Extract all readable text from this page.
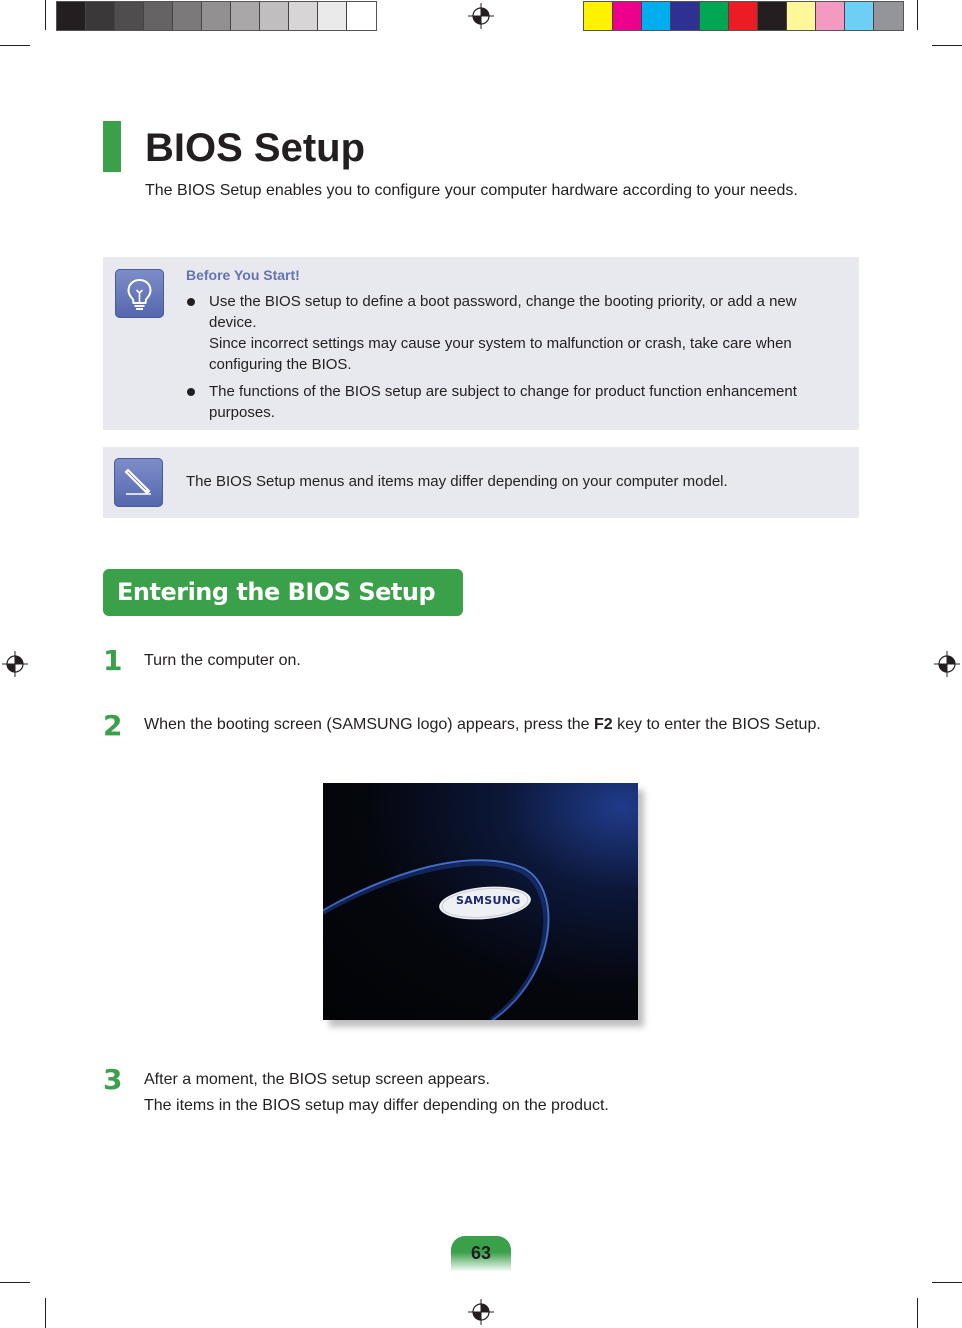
BIOS Setup

The BIOS Setup enables you to configure your computer hardware according to your needs.

Before You Start!

Use the BIOS setup to define a boot password, change the booting priority, or add a new device.

Since incorrect settings may cause your system to malfunction or crash, take care when configuring the BIOS.

The functions of the BIOS setup are subject to change for product function enhancement purposes.

The BIOS Setup menus and items may differ depending on your computer model.

Entering the BIOS Setup
1 Turn the computer on.

2 When the booting screen (SAMSUNG logo) appears, press the F2 key to enter the BIOS Setup.

SAMSUNG
3 After a moment, the BIOS setup screen appears.

The items in the BIOS setup may differ depending on the product.

63
